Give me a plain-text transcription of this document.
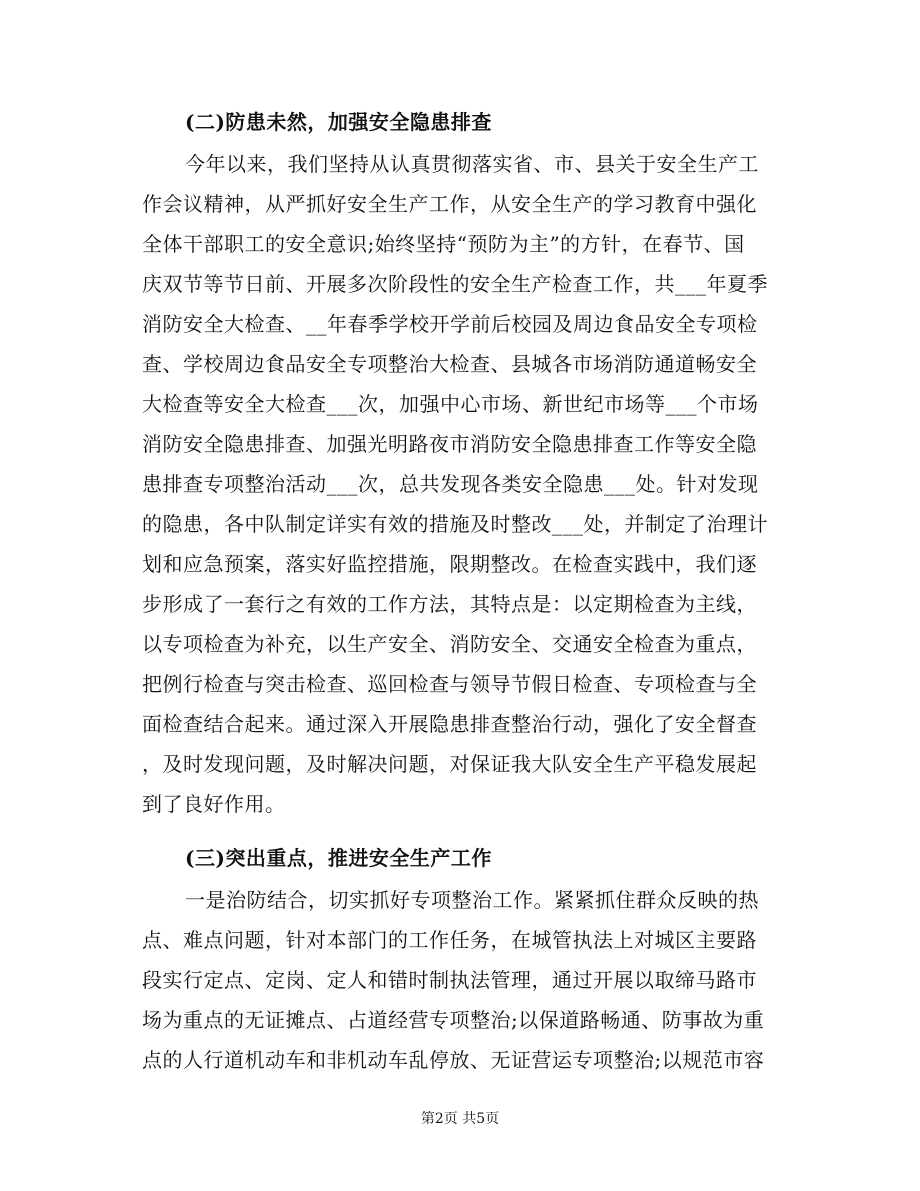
(二)防患未然，加强安全隐患排查
今年以来，我们坚持从认真贯彻落实省、市、县关于安全生产工
作会议精神，从严抓好安全生产工作，从安全生产的学习教育中强化
全体干部职工的安全意识;始终坚持“预防为主”的方针，在春节、国
庆双节等节日前、开展多次阶段性的安全生产检查工作，共___年夏季
消防安全大检查、__年春季学校开学前后校园及周边食品安全专项检
查、学校周边食品安全专项整治大检查、县城各市场消防通道畅安全
大检查等安全大检查___次，加强中心市场、新世纪市场等___个市场
消防安全隐患排查、加强光明路夜市消防安全隐患排查工作等安全隐
患排查专项整治活动___次，总共发现各类安全隐患___处。针对发现
的隐患，各中队制定详实有效的措施及时整改___处，并制定了治理计
划和应急预案，落实好监控措施，限期整改。在检查实践中，我们逐
步形成了一套行之有效的工作方法，其特点是：以定期检查为主线，
以专项检查为补充，以生产安全、消防安全、交通安全检查为重点，
把例行检查与突击检查、巡回检查与领导节假日检查、专项检查与全
面检查结合起来。通过深入开展隐患排查整治行动，强化了安全督查
，及时发现问题，及时解决问题，对保证我大队安全生产平稳发展起
到了良好作用。
(三)突出重点，推进安全生产工作
一是治防结合，切实抓好专项整治工作。紧紧抓住群众反映的热
点、难点问题，针对本部门的工作任务，在城管执法上对城区主要路
段实行定点、定岗、定人和错时制执法管理，通过开展以取缔马路市
场为重点的无证摊点、占道经营专项整治;以保道路畅通、防事故为重
点的人行道机动车和非机动车乱停放、无证营运专项整治;以规范市容
第2页 共5页
